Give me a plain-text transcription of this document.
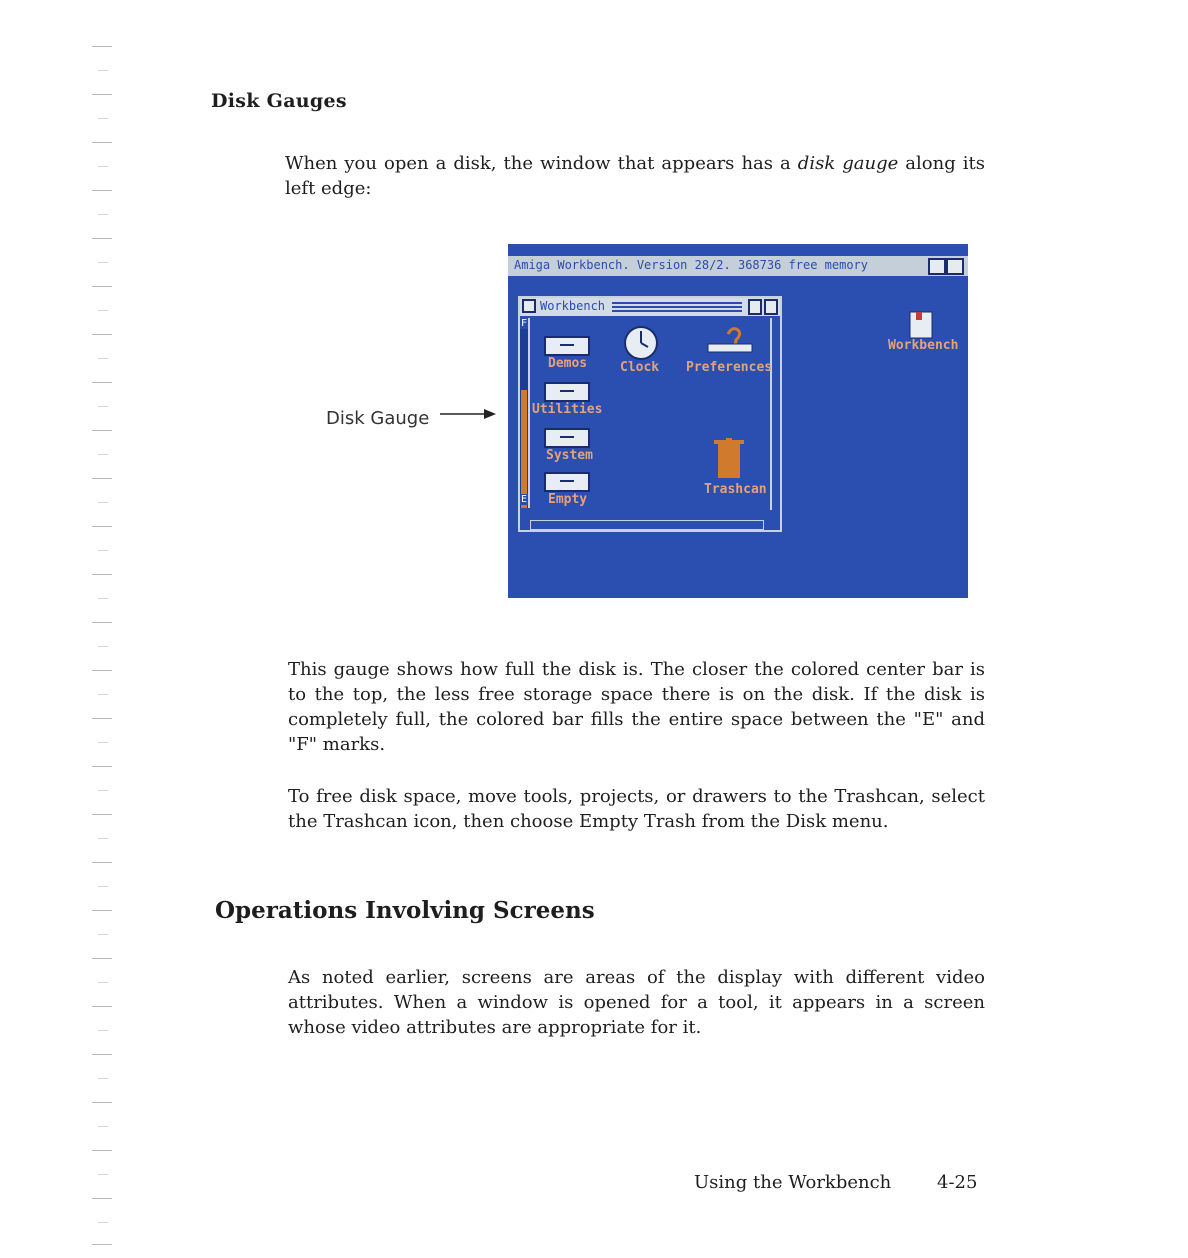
Disk Gauges

When you open a disk, the window that appears has a disk gauge along its left edge:

Disk Gauge
Amiga Workbench. Version 28/2. 368736 free memory
Workbench
F
E
Demos	Clock Preferences
Utilities
System
Empty
Trashcan
Workbench

This gauge shows how full the disk is. The closer the colored center bar is to the top, the less free storage space there is on the disk. If the disk is completely full, the colored bar fills the entire space between the "E" and "F" marks.

To free disk space, move tools, projects, or drawers to the Trashcan, select the Trashcan icon, then choose Empty Trash from the Disk menu.

Operations Involving Screens

As noted earlier, screens are areas of the display with different video attributes. When a window is opened for a tool, it appears in a screen whose video attributes are appropriate for it.

Using the Workbench	4-25
